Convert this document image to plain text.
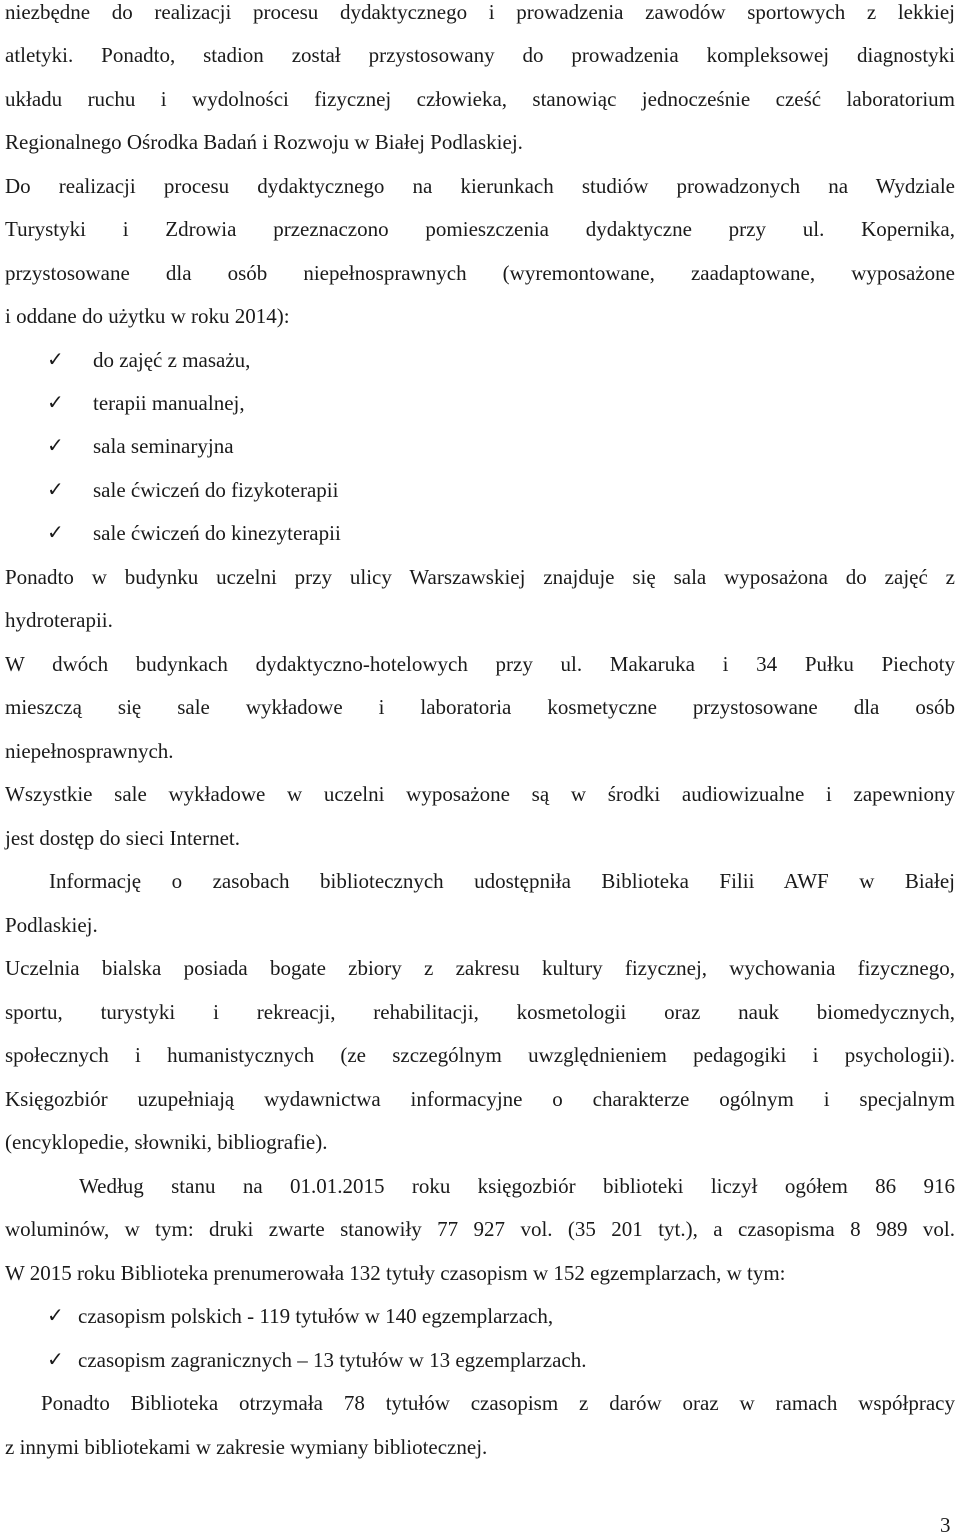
niezbędne do realizacji procesu dydaktycznego i prowadzenia zawodów sportowych z lekkiej
atletyki. Ponadto, stadion został przystosowany do prowadzenia kompleksowej diagnostyki
układu ruchu i wydolności fizycznej człowieka, stanowiąc jednocześnie cześć laboratorium
Regionalnego Ośrodka Badań i Rozwoju w Białej Podlaskiej.
Do realizacji procesu dydaktycznego na kierunkach studiów prowadzonych na Wydziale
Turystyki i Zdrowia przeznaczono pomieszczenia dydaktyczne przy ul. Kopernika,
przystosowane dla osób niepełnosprawnych (wyremontowane, zaadaptowane, wyposażone
i oddane do użytku w roku 2014):
✓ do zajęć z masażu,
✓ terapii manualnej,
✓ sala seminaryjna
✓ sale ćwiczeń do fizykoterapii
✓ sale ćwiczeń do kinezyterapii
Ponadto w budynku uczelni przy ulicy Warszawskiej znajduje się sala wyposażona do zajęć z
hydroterapii.
W dwóch budynkach dydaktyczno-hotelowych przy ul. Makaruka i 34 Pułku Piechoty
mieszczą się sale wykładowe i laboratoria kosmetyczne przystosowane dla osób
niepełnosprawnych.
Wszystkie sale wykładowe w uczelni wyposażone są w środki audiowizualne i zapewniony
jest dostęp do sieci Internet.
Informację o zasobach bibliotecznych udostępniła Biblioteka Filii AWF w Białej
Podlaskiej.
Uczelnia bialska posiada bogate zbiory z zakresu kultury fizycznej, wychowania fizycznego,
sportu, turystyki i rekreacji, rehabilitacji, kosmetologii oraz nauk biomedycznych,
społecznych i humanistycznych (ze szczególnym uwzględnieniem pedagogiki i psychologii).
Księgozbiór uzupełniają wydawnictwa informacyjne o charakterze ogólnym i specjalnym
(encyklopedie, słowniki, bibliografie).
Według stanu na 01.01.2015 roku księgozbiór biblioteki liczył ogółem 86 916
woluminów, w tym: druki zwarte stanowiły 77 927 vol. (35 201 tyt.), a czasopisma 8 989 vol.
W 2015 roku Biblioteka prenumerowała 132 tytuły czasopism w 152 egzemplarzach, w tym:
✓ czasopism polskich - 119 tytułów w 140 egzemplarzach,
✓ czasopism zagranicznych – 13 tytułów w 13 egzemplarzach.
Ponadto Biblioteka otrzymała 78 tytułów czasopism z darów oraz w ramach współpracy
z innymi bibliotekami w zakresie wymiany bibliotecznej.
3
